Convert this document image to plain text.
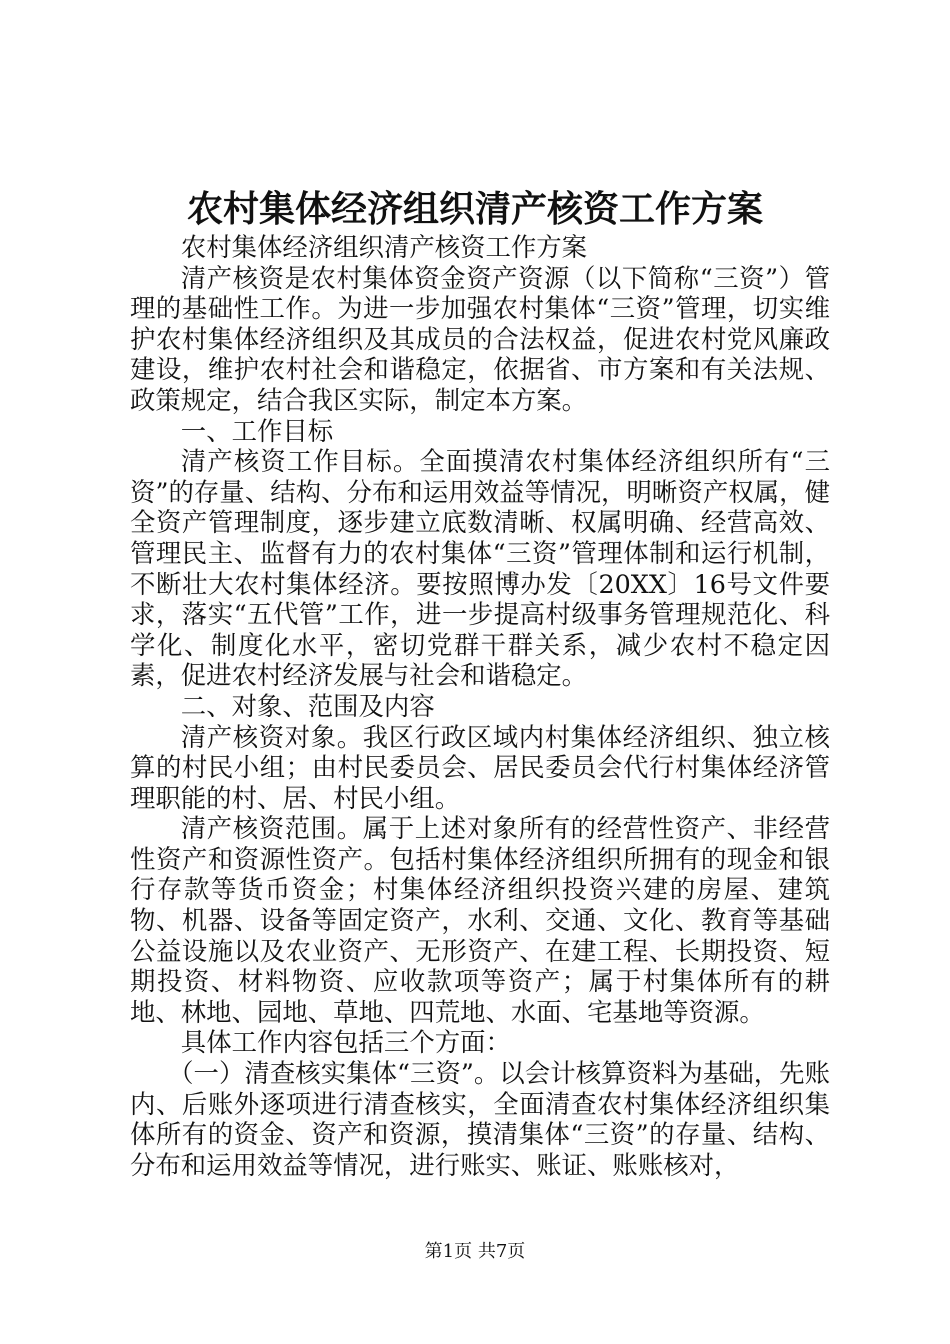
农村集体经济组织清产核资工作方案

农村集体经济组织清产核资工作方案

清产核资是农村集体资金资产资源（以下简称“三资”）管理的基础性工作。为进一步加强农村集体“三资”管理，切实维护农村集体经济组织及其成员的合法权益，促进农村党风廉政建设，维护农村社会和谐稳定，依据省、市方案和有关法规、政策规定，结合我区实际，制定本方案。

一、工作目标

清产核资工作目标。全面摸清农村集体经济组织所有“三资”的存量、结构、分布和运用效益等情况，明晰资产权属，健全资产管理制度，逐步建立底数清晰、权属明确、经营高效、管理民主、监督有力的农村集体“三资”管理体制和运行机制，不断壮大农村集体经济。要按照博办发〔20XX〕16号文件要求，落实“五代管”工作，进一步提高村级事务管理规范化、科学化、制度化水平，密切党群干群关系，减少农村不稳定因素，促进农村经济发展与社会和谐稳定。

二、对象、范围及内容

清产核资对象。我区行政区域内村集体经济组织、独立核算的村民小组；由村民委员会、居民委员会代行村集体经济管理职能的村、居、村民小组。

清产核资范围。属于上述对象所有的经营性资产、非经营性资产和资源性资产。包括村集体经济组织所拥有的现金和银行存款等货币资金；村集体经济组织投资兴建的房屋、建筑物、机器、设备等固定资产，水利、交通、文化、教育等基础公益设施以及农业资产、无形资产、在建工程、长期投资、短期投资、材料物资、应收款项等资产；属于村集体所有的耕地、林地、园地、草地、四荒地、水面、宅基地等资源。

具体工作内容包括三个方面：

（一）清查核实集体“三资”。以会计核算资料为基础，先账内、后账外逐项进行清查核实，全面清查农村集体经济组织集体所有的资金、资产和资源，摸清集体“三资”的存量、结构、分布和运用效益等情况，进行账实、账证、账账核对，

第1页 共7页
